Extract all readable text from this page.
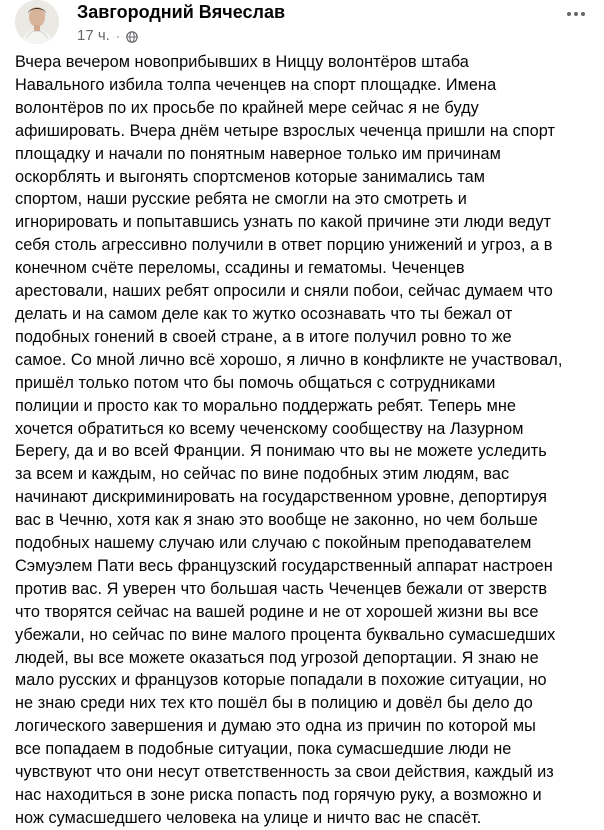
Завгородний Вячеслав
17 ч. ·

Вчера вечером новоприбывших в Ниццу волонтёров штаба
Навального избила толпа чеченцев на спорт площадке. Имена
волонтёров по их просьбе по крайней мере сейчас я не буду
афишировать. Вчера днём четыре взрослых чеченца пришли на спорт
площадку и начали по понятным наверное только им причинам
оскорблять и выгонять спортсменов которые занимались там
спортом, наши русские ребята не смогли на это смотреть и
игнорировать и попытавшись узнать по какой причине эти люди ведут
себя столь агрессивно получили в ответ порцию унижений и угроз, а в
конечном счёте переломы, ссадины и гематомы. Чеченцев
арестовали, наших ребят опросили и сняли побои, сейчас думаем что
делать и на самом деле как то жутко осознавать что ты бежал от
подобных гонений в своей стране, а в итоге получил ровно то же
самое. Со мной лично всё хорошо, я лично в конфликте не участвовал,
пришёл только потом что бы помочь общаться с сотрудниками
полиции и просто как то морально поддержать ребят. Теперь мне
хочется обратиться ко всему чеченскому сообществу на Лазурном
Берегу, да и во всей Франции. Я понимаю что вы не можете уследить
за всем и каждым, но сейчас по вине подобных этим людям, вас
начинают дискриминировать на государственном уровне, депортируя
вас в Чечню, хотя как я знаю это вообще не законно, но чем больше
подобных нашему случаю или случаю с покойным преподавателем
Сэмуэлем Пати весь французский государственный аппарат настроен
против вас. Я уверен что большая часть Чеченцев бежали от зверств
что творятся сейчас на вашей родине и не от хорошей жизни вы все
убежали, но сейчас по вине малого процента буквально сумасшедших
людей, вы все можете оказаться под угрозой депортации. Я знаю не
мало русских и французов которые попадали в похожие ситуации, но
не знаю среди них тех кто пошёл бы в полицию и довёл бы дело до
логического завершения и думаю это одна из причин по которой мы
все попадаем в подобные ситуации, пока сумасшедшие люди не
чувствуют что они несут ответственность за свои действия, каждый из
нас находиться в зоне риска попасть под горячую руку, а возможно и
нож сумасшедшего человека на улице и ничто вас не спасёт.
